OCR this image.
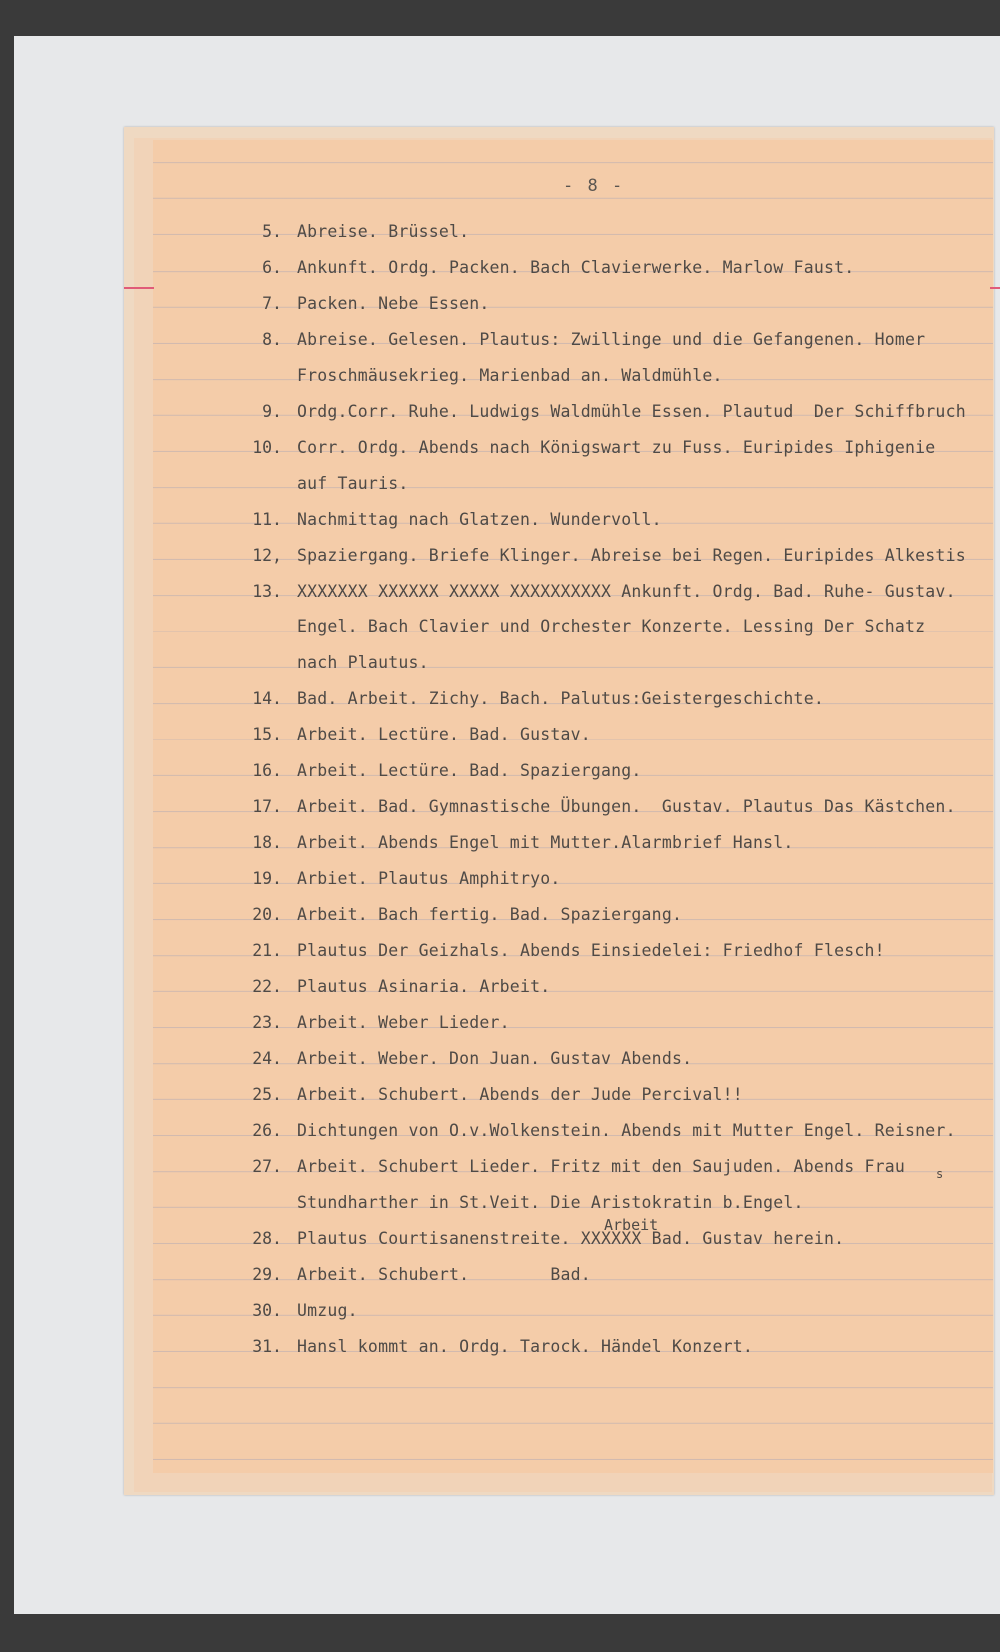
- 8 -
5. Abreise. Brüssel.
6. Ankunft. Ordg. Packen. Bach Clavierwerke. Marlow Faust.
7. Packen. Nebe Essen.
8. Abreise. Gelesen. Plautus: Zwillinge und die Gefangenen. Homer
Froschmäusekrieg. Marienbad an. Waldmühle.
9. Ordg.Corr. Ruhe. Ludwigs Waldmühle Essen. Plautud  Der Schiffbruch
10. Corr. Ordg. Abends nach Königswart zu Fuss. Euripides Iphigenie
auf Tauris.
11. Nachmittag nach Glatzen. Wundervoll.
12, Spaziergang. Briefe Klinger. Abreise bei Regen. Euripides Alkestis
13. XXXXXXX XXXXXX XXXXX XXXXXXXXXX Ankunft. Ordg. Bad. Ruhe- Gustav.
Engel. Bach Clavier und Orchester Konzerte. Lessing Der Schatz
nach Plautus.
14. Bad. Arbeit. Zichy. Bach. Palutus:Geistergeschichte.
15. Arbeit. Lectüre. Bad. Gustav.
16. Arbeit. Lectüre. Bad. Spaziergang.
17. Arbeit. Bad. Gymnastische Übungen.  Gustav. Plautus Das Kästchen.
18. Arbeit. Abends Engel mit Mutter.Alarmbrief Hansl.
19. Arbiet. Plautus Amphitryo.
20. Arbeit. Bach fertig. Bad. Spaziergang.
21. Plautus Der Geizhals. Abends Einsiedelei: Friedhof Flesch!
22. Plautus Asinaria. Arbeit.
23. Arbeit. Weber Lieder.
24. Arbeit. Weber. Don Juan. Gustav Abends.
25. Arbeit. Schubert. Abends der Jude Percival!!
26. Dichtungen von O.v.Wolkenstein. Abends mit Mutter Engel. Reisner.
27. Arbeit. Schubert Lieder. Fritz mit den Saujuden. Abends Frau
Stundharther in St.Veit. Die Aristokratin b.Engel.
28. Plautus Courtisanenstreite. XXXXXX Bad. Gustav herein.
29. Arbeit. Schubert.        Bad.
30. Umzug.
31. Hansl kommt an. Ordg. Tarock. Händel Konzert.
Arbeit
s
